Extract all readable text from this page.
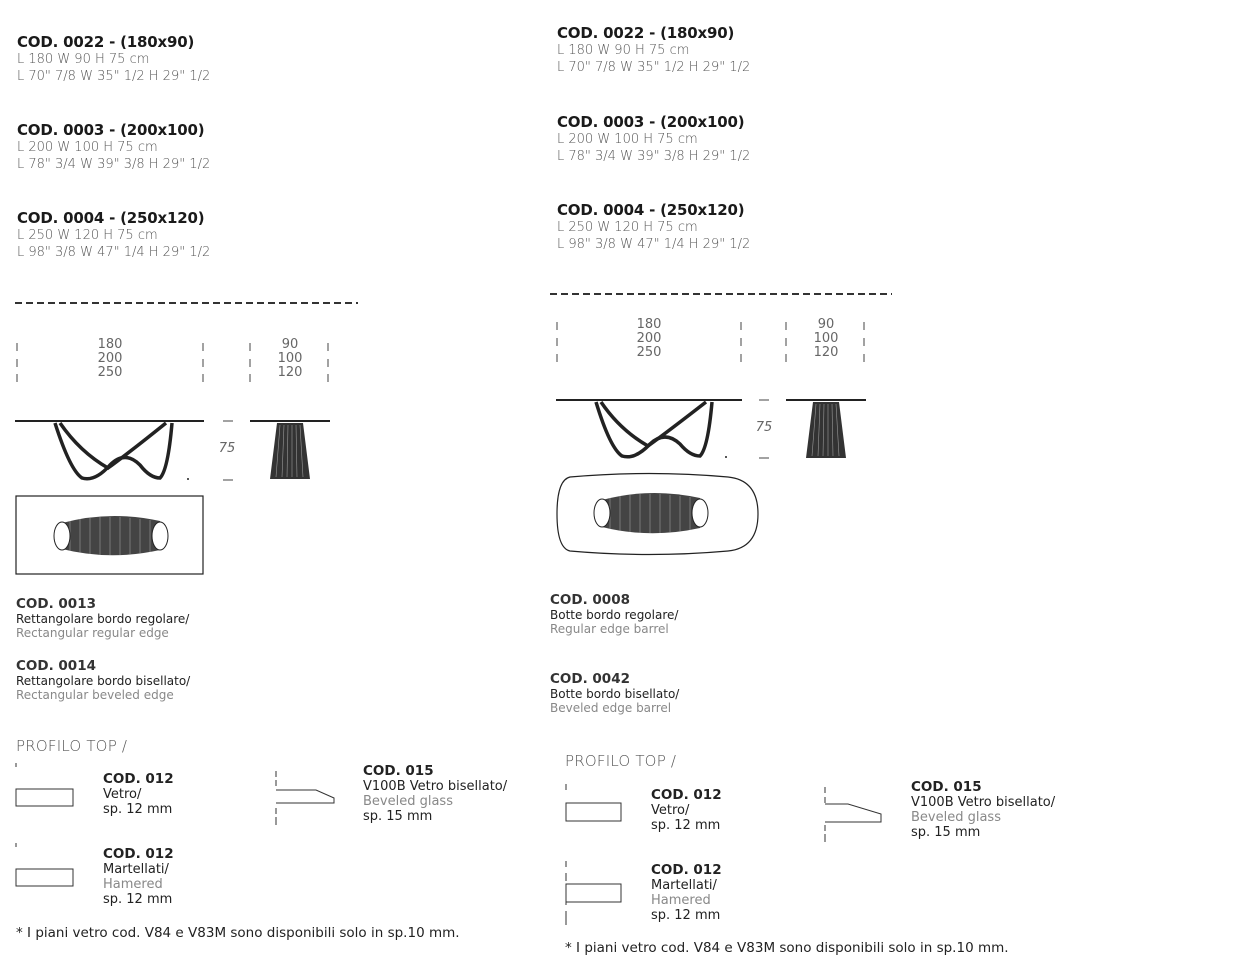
COD. 0022 - (180x90)
L 180 W 90 H 75 cm
L 70" 7/8 W 35" 1/2 H 29" 1/2
COD. 0003 - (200x100)
L 200 W 100 H 75 cm
L 78" 3/4 W 39" 3/8 H 29" 1/2
COD. 0004 - (250x120)
L 250 W 120 H 75 cm
L 98" 3/8 W 47" 1/4 H 29" 1/2
180
200
250
90
100
120
75
COD. 0013
Rettangolare bordo regolare/
Rectangular regular edge
COD. 0014
Rettangolare bordo bisellato/
Rectangular beveled edge
PROFILO TOP /
COD. 012
Vetro/
sp. 12 mm
COD. 012
Martellati/
Hamered
sp. 12 mm
COD. 015
V100B Vetro bisellato/
Beveled glass
sp. 15 mm
* I piani vetro cod. V84 e V83M sono disponibili solo in sp.10 mm.
COD. 0022 - (180x90)
L 180 W 90 H 75 cm
L 70" 7/8 W 35" 1/2 H 29" 1/2
COD. 0003 - (200x100)
L 200 W 100 H 75 cm
L 78" 3/4 W 39" 3/8 H 29" 1/2
COD. 0004 - (250x120)
L 250 W 120 H 75 cm
L 98" 3/8 W 47" 1/4 H 29" 1/2
180
200
250
90
100
120
75
COD. 0008
Botte bordo regolare/
Regular edge barrel
COD. 0042
Botte bordo bisellato/
Beveled edge barrel
PROFILO TOP /
COD. 012
Vetro/
sp. 12 mm
COD. 012
Martellati/
Hamered
sp. 12 mm
COD. 015
V100B Vetro bisellato/
Beveled glass
sp. 15 mm
* I piani vetro cod. V84 e V83M sono disponibili solo in sp.10 mm.
